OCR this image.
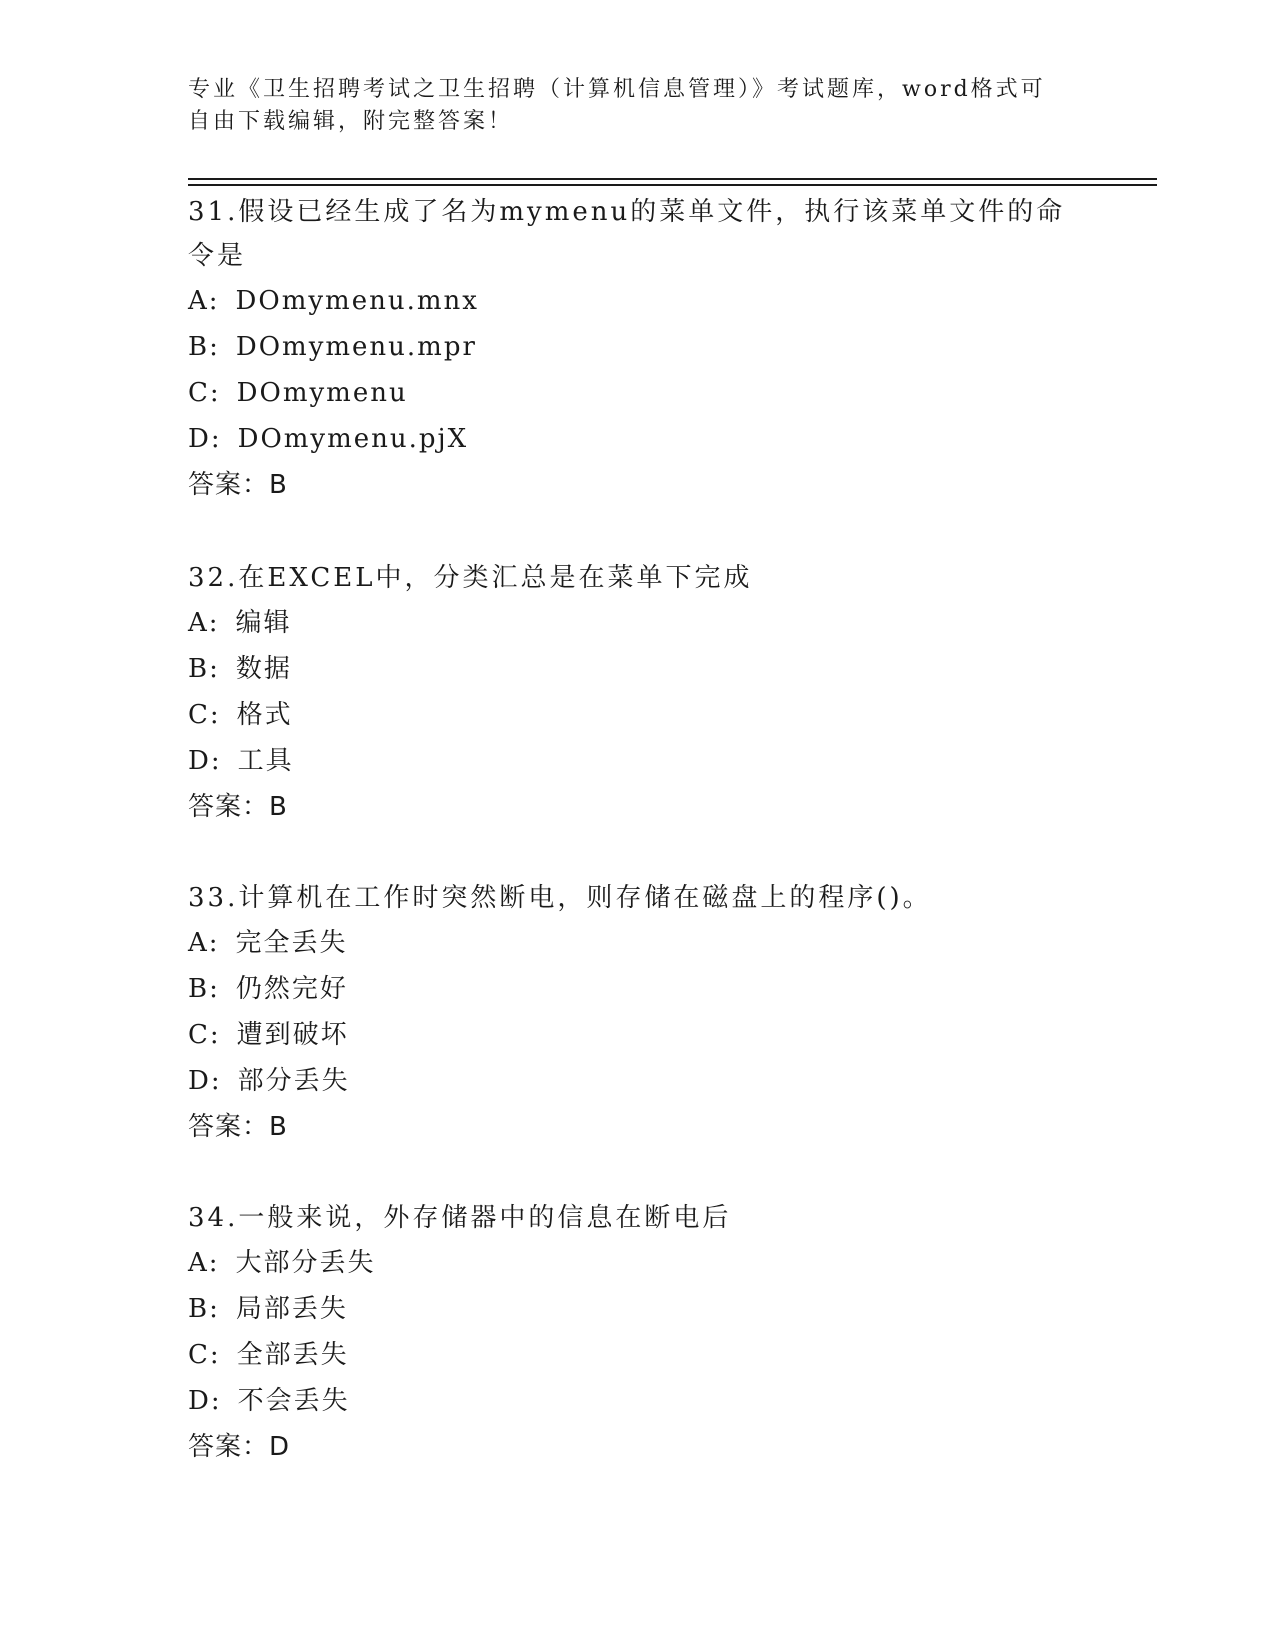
专业《卫生招聘考试之卫生招聘（计算机信息管理）》考试题库，word格式可自由下载编辑，附完整答案！

31.假设已经生成了名为mymenu的菜单文件，执行该菜单文件的命令是

A: DOmymenu.mnx

B: DOmymenu.mpr

C: DOmymenu

D: DOmymenu.pjX

答案：B

32.在EXCEL中，分类汇总是在菜单下完成

A: 编辑

B: 数据

C: 格式

D: 工具

答案：B

33.计算机在工作时突然断电，则存储在磁盘上的程序()。

A: 完全丢失

B: 仍然完好

C: 遭到破坏

D: 部分丢失

答案：B

34.一般来说，外存储器中的信息在断电后

A: 大部分丢失

B: 局部丢失

C: 全部丢失

D: 不会丢失

答案：D
